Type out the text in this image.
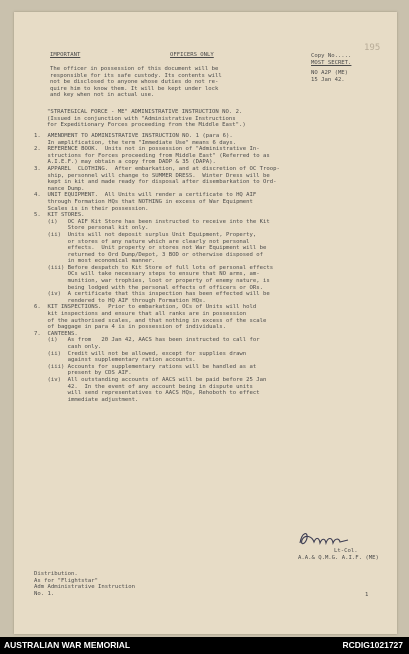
195
IMPORTANT	OFFICERS ONLY	Copy No.....
MOST SECRET.
NO A2P (ME)
15 Jan 42.
The officer in possession of this document will be
responsible for its safe custody. Its contents will
not be disclosed to anyone whose duties do not re-
quire him to know them. It will be kept under lock
and key when not in actual use.
"STRATEGICAL FORCE - ME" ADMINISTRATIVE INSTRUCTION NO. 2.
(Issued in conjunction with "Administrative Instructions
for Expeditionary Forces proceeding from the Middle East".)
1.  AMENDMENT TO ADMINISTRATIVE INSTRUCTION NO. 1 (para 6).
In amplification, the term "Immediate Use" means 6 days.
2.  REFERENCE BOOK.  Units not in possession of "Administrative In-
structions for Forces proceeding from Middle East" (Referred to as
A.I.E.F.) may obtain a copy from DADP & 35 (DAPA).
3.  APPAREL  CLOTHING.  After embarkation, and at discretion of OC Troop-
ship, personnel will change to SUMMER DRESS.  Winter Dress will be
kept in kit and made ready for disposal after disembarkation to Ord-
nance Dump.
4.  UNIT EQUIPMENT.  All Units will render a certificate to HQ AIF
through Formation HQs that NOTHING in excess of War Equipment
Scales is in their possession.
5.  KIT STORES.
(i)   OC AIF Kit Store has been instructed to receive into the Kit
Store personal kit only.
(ii)  Units will not deposit surplus Unit Equipment, Property,
or stores of any nature which are clearly not personal
effects.  Unit property or stores not War Equipment will be
returned to Ord Dump/Depot, 3 BOD or otherwise disposed of
in most economical manner.
(iii) Before despatch to Kit Store of full lots of personal effects
OCs will take necessary steps to ensure that NO arms, am-
munition, war trophies, loot or property of enemy nature, is
being lodged with the personal effects of officers or ORs.
(iv)  A certificate that this inspection has been effected will be
rendered to HQ AIF through Formation HQs.
6.  KIT INSPECTIONS.  Prior to embarkation, OCs of Units will hold
kit inspections and ensure that all ranks are in possession
of the authorised scales, and that nothing in excess of the scale
of baggage in para 4 is in possession of individuals.
7.  CANTEENS.
(i)   As from   20 Jan 42, AACS has been instructed to call for
cash only.
(ii)  Credit will not be allowed, except for supplies drawn
against supplementary ration accounts.
(iii) Accounts for supplementary rations will be handled as at
present by CDS AIF.
(iv)  All outstanding accounts of AACS will be paid before 25 Jan
42.  In the event of any account being in dispute units
will send representatives to AACS HQs, Rehoboth to effect
immediate adjustment.
Lt-Col.
A.A.& Q.M.G. A.I.F. (ME)
Distribution.
As for "Flightstar"
Adm Administrative Instruction
No. 1.	1
AUSTRALIAN WAR MEMORIAL	RCDIG1021727
